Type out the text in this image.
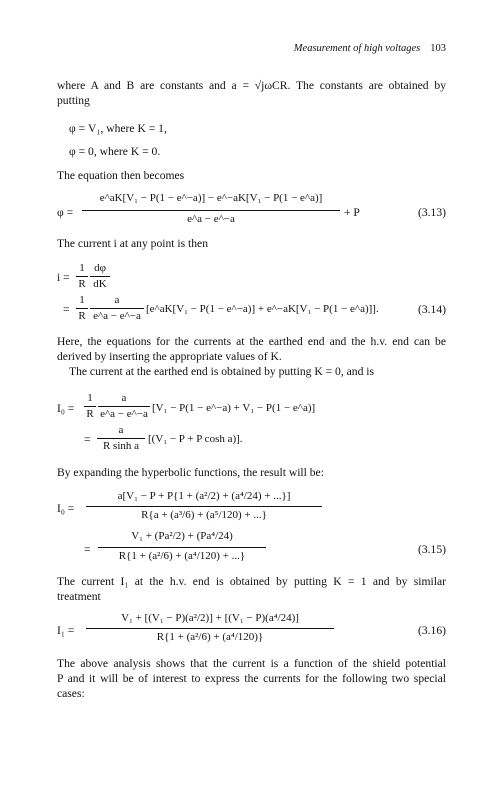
Measurement of high voltages 103
where A and B are constants and a = √jωCR. The constants are obtained by
putting
φ = V₁, where K = 1,
φ = 0, where K = 0.
The equation then becomes
φ =
e^aK[V₁ − P(1 − e^−a)] − e^−aK[V₁ − P(1 − e^a)]
e^a − e^−a	+ P	(3.13)
The current i at any point is then
i =
1
R
dφ
dK
=
1
R
a
e^a − e^−a
[e^aK[V₁ − P(1 − e^−a)] + e^−aK[V₁ − P(1 − e^a)]].	(3.14)
Here, the equations for the currents at the earthed end and the h.v. end can be
derived by inserting the appropriate values of K.
The current at the earthed end is obtained by putting K = 0, and is
I₀ =
1
R
a
e^a − e^−a [V₁ − P(1 − e^−a) + V₁ − P(1 − e^a)]
=
a
R sinh a
[(V₁ − P + P cosh a)].
By expanding the hyperbolic functions, the result will be:
I₀ =
a[V₁ − P + P{1 + (a²/2) + (a⁴/24) + ...}]
R{a + (a³/6) + (a⁵/120) + ...}
=
V₁ + (Pa²/2) + (Pa⁴/24)
R{1 + (a²/6) + (a⁴/120) + ...}	(3.15)
The current I₁ at the h.v. end is obtained by putting K = 1 and by similar
treatment
I₁ =
V₁ + [(V₁ − P)(a²/2)] + [(V₁ − P)(a⁴/24)]
R{1 + (a²/6) + (a⁴/120)}	(3.16)
The above analysis shows that the current is a function of the shield potential
P and it will be of interest to express the currents for the following two special
cases:
